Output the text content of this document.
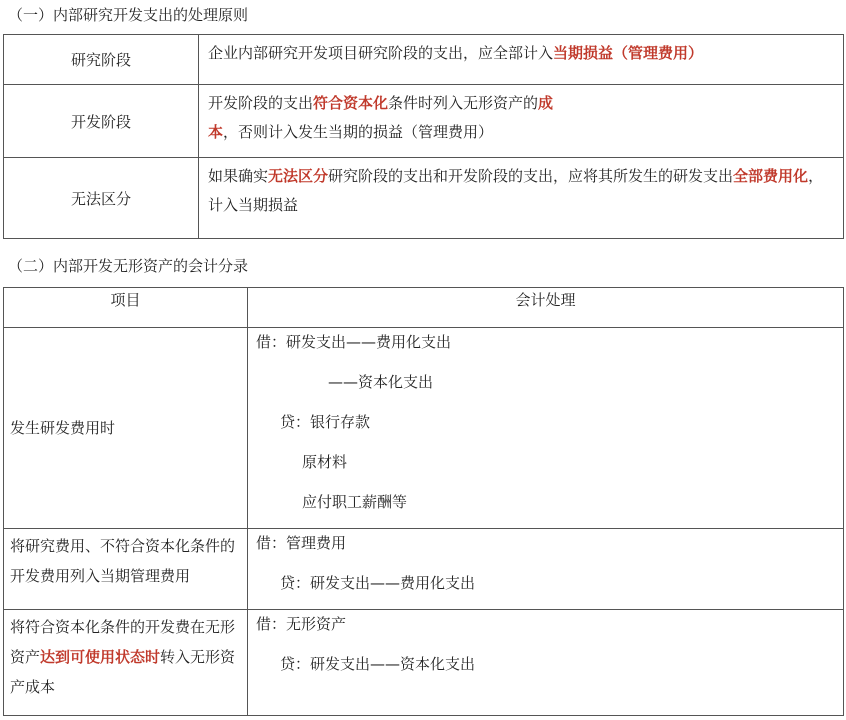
（一）内部研究开发支出的处理原则
研究阶段	企业内部研究开发项目研究阶段的支出，应全部计入当期损益（管理费用）
开发阶段	开发阶段的支出符合资本化条件时列入无形资产的成本，否则计入发生当期的损益（管理费用）
无法区分	如果确实无法区分研究阶段的支出和开发阶段的支出，应将其所发生的研发支出全部费用化，计入当期损益
（二）内部开发无形资产的会计分录
项目	会计处理
发生研发费用时	借：研发支出——费用化支出
——资本化支出
贷：银行存款
原材料
应付职工薪酬等

将研究费用、不符合资本化条件的开发费用列入当期管理费用	借：管理费用
贷：研发支出——费用化支出

将符合资本化条件的开发费在无形资产达到可使用状态时转入无形资产成本	借：无形资产
贷：研发支出——资本化支出
